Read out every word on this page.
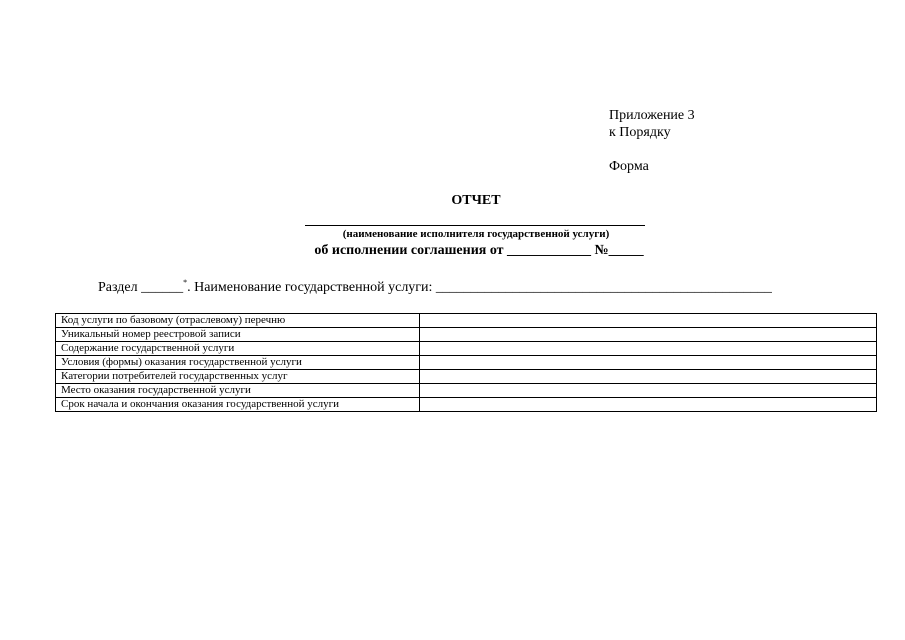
Приложение 3
к Порядку
Форма
ОТЧЕТ
(наименование исполнителя государственной услуги)
об исполнении соглашения от ____________ №_____
Раздел ______*. Наименование государственной услуги: ________________________________________________
Код услуги по базовому (отраслевому) перечню	
Уникальный номер реестровой записи	
Содержание государственной услуги	
Условия (формы) оказания государственной услуги	
Категории потребителей государственных услуг	
Место оказания государственной услуги	
Срок начала и окончания оказания государственной услуги	
